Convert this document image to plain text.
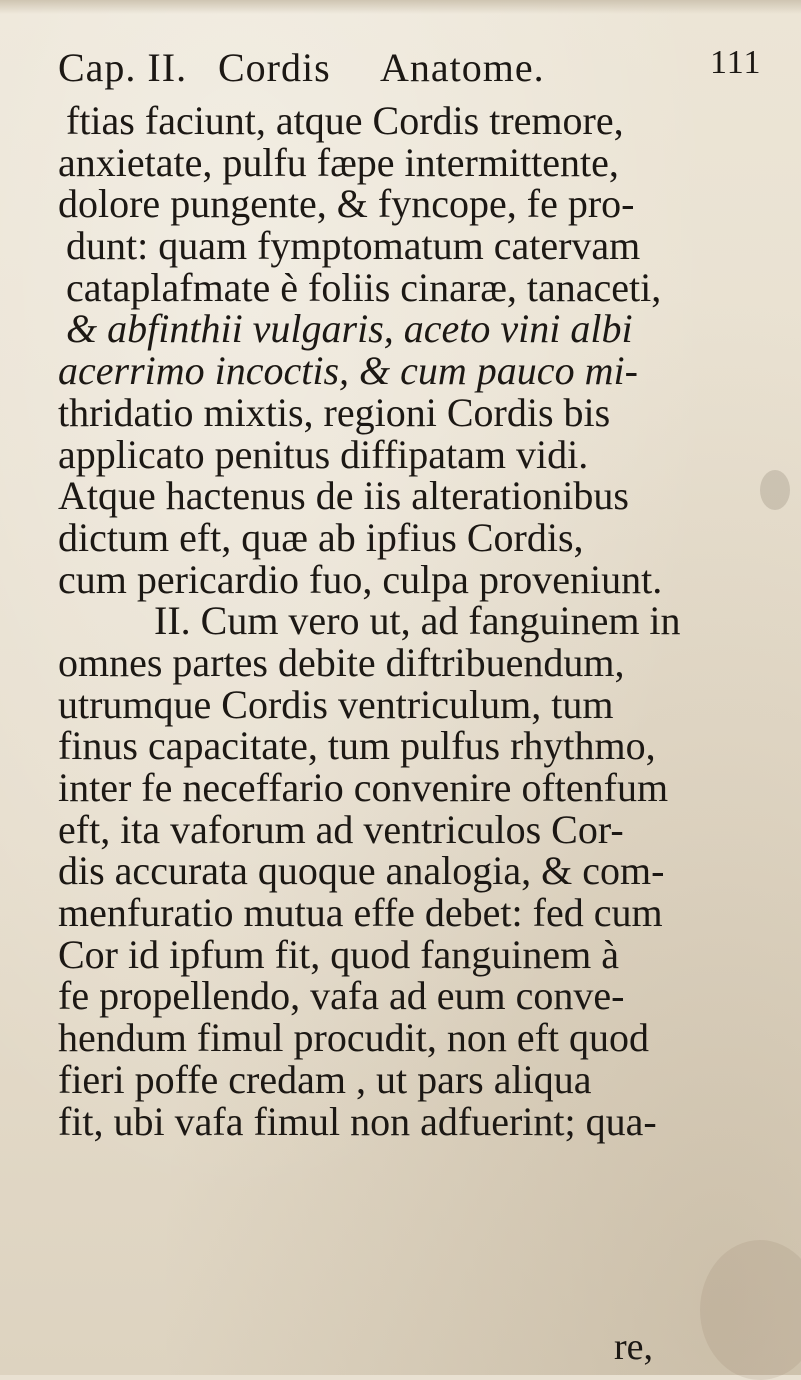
Cap. II. Cordis Anatome.	111
ftias faciunt, atque Cordis tremore,
anxietate, pulfu fæpe intermittente,
dolore pungente, & fyncope, fe pro-
dunt: quam fymptomatum catervam
cataplafmate è foliis cinaræ, tanaceti,
& abfinthii vulgaris, aceto vini albi
acerrimo incoctis, & cum pauco mi-
thridatio mixtis, regioni Cordis bis
applicato penitus diffipatam vidi.
Atque hactenus de iis alterationibus
dictum eft, quæ ab ipfius Cordis,
cum pericardio fuo, culpa proveniunt.
II. Cum vero ut, ad fanguinem in
omnes partes debite diftribuendum,
utrumque Cordis ventriculum, tum
finus capacitate, tum pulfus rhythmo,
inter fe neceffario convenire oftenfum
eft, ita vaforum ad ventriculos Cor-
dis accurata quoque analogia, & com-
menfuratio mutua effe debet: fed cum
Cor id ipfum fit, quod fanguinem à
fe propellendo, vafa ad eum conve-
hendum fimul procudit, non eft quod
fieri poffe credam , ut pars aliqua
fit, ubi vafa fimul non adfuerint; qua-
re,
